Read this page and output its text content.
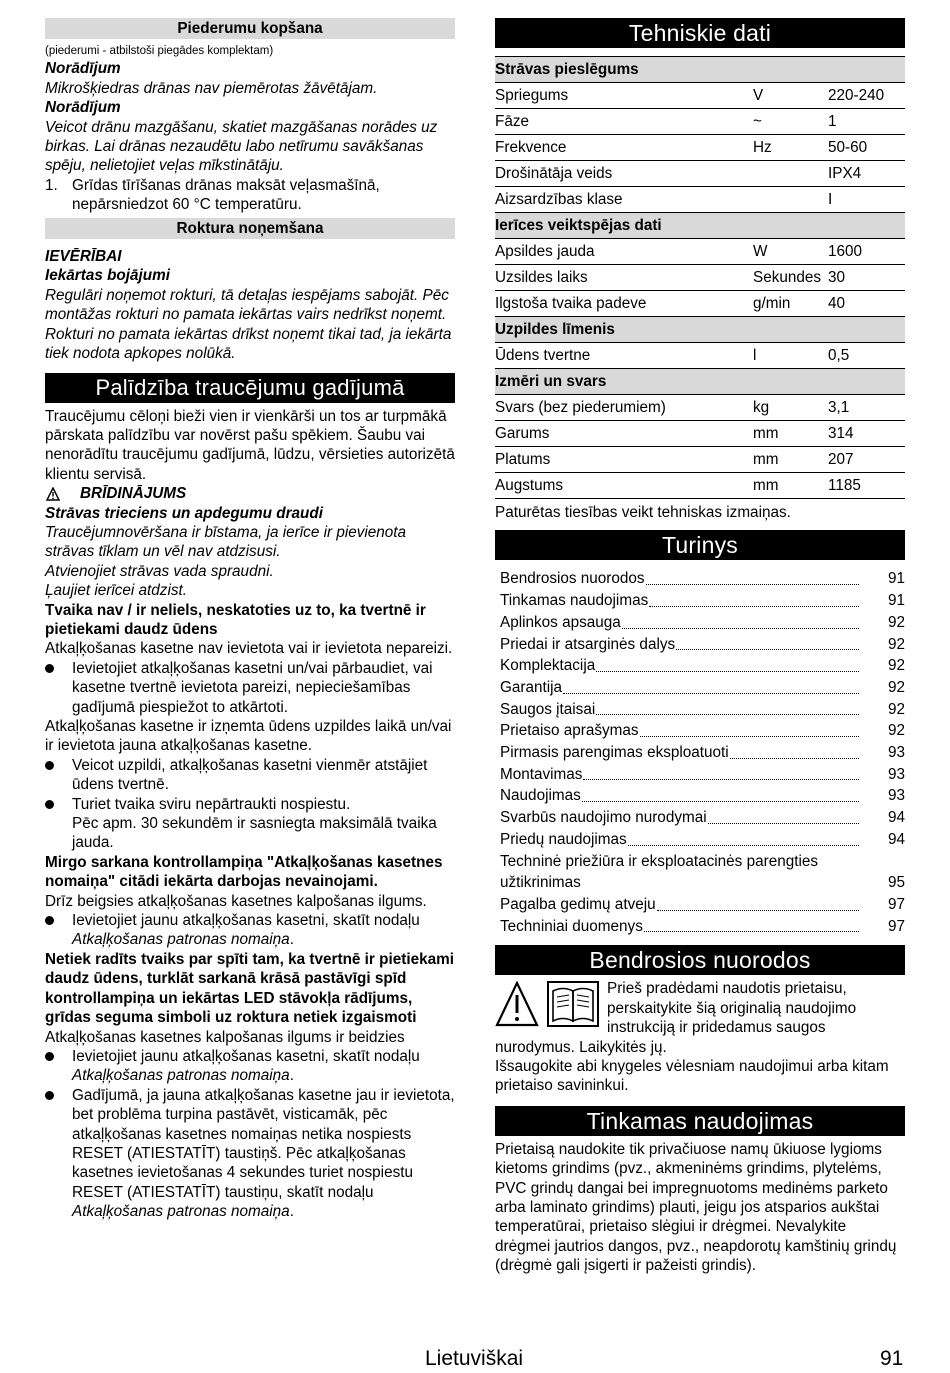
Piederumu kopšana

(piederumi - atbilstoši piegādes komplektam)

Norādījum

Mikrošķiedras drānas nav piemērotas žāvētājam.

Norādījum

Veicot drānu mazgāšanu, skatiet mazgāšanas norādes uz birkas. Lai drānas nezaudētu labo netīrumu savākšanas spēju, nelietojiet veļas mīkstinātāju.

1. Grīdas tīrīšanas drānas maksāt veļasmašīnā, nepārsniedzot 60 °C temperatūru.
Roktura noņemšana

IEVĒRĪBAI

Iekārtas bojājumi

Regulāri noņemot rokturi, tā detaļas iespējams sabojāt. Pēc montāžas rokturi no pamata iekārtas vairs nedrīkst noņemt.

Rokturi no pamata iekārtas drīkst noņemt tikai tad, ja iekārta tiek nodota apkopes nolūkā.

Palīdzība traucējumu gadījumā

Traucējumu cēloņi bieži vien ir vienkārši un tos ar turpmākā pārskata palīdzību var novērst pašu spēkiem. Šaubu vai nenorādītu traucējumu gadījumā, lūdzu, vērsieties autorizētā klientu servisā.

BRĪDINĀJUMS

Strāvas trieciens un apdegumu draudi

Traucējumnovēršana ir bīstama, ja ierīce ir pievienota strāvas tīklam un vēl nav atdzisusi.

Atvienojiet strāvas vada spraudni.

Ļaujiet ierīcei atdzist.

Tvaika nav / ir neliels, neskatoties uz to, ka tvertnē ir pietiekami daudz ūdens

Atkaļķošanas kasetne nav ievietota vai ir ievietota nepareizi.

Ievietojiet atkaļķošanas kasetni un/vai pārbaudiet, vai kasetne tvertnē ievietota pareizi, nepieciešamības gadījumā piespiežot to atkārtoti.

Atkaļķošanas kasetne ir izņemta ūdens uzpildes laikā un/vai ir ievietota jauna atkaļķošanas kasetne.

Veicot uzpildi, atkaļķošanas kasetni vienmēr atstājiet ūdens tvertnē.
Turiet tvaika sviru nepārtraukti nospiestu.

Pēc apm. 30 sekundēm ir sasniegta maksimālā tvaika jauda.

Mirgo sarkana kontrollampiņa "Atkaļķošanas kasetnes nomaiņa" citādi iekārta darbojas nevainojami.

Drīz beigsies atkaļķošanas kasetnes kalpošanas ilgums.

Ievietojiet jaunu atkaļķošanas kasetni, skatīt nodaļu Atkaļķošanas patronas nomaiņa.

Netiek radīts tvaiks par spīti tam, ka tvertnē ir pietiekami daudz ūdens, turklāt sarkanā krāsā pastāvīgi spīd kontrollampiņa un iekārtas LED stāvokļa rādījums, grīdas seguma simboli uz roktura netiek izgaismoti

Atkaļķošanas kasetnes kalpošanas ilgums ir beidzies

Ievietojiet jaunu atkaļķošanas kasetni, skatīt nodaļu Atkaļķošanas patronas nomaiņa.
Gadījumā, ja jauna atkaļķošanas kasetne jau ir ievietota, bet problēma turpina pastāvēt, visticamāk, pēc atkaļķošanas kasetnes nomaiņas netika nospiests RESET (ATIESTATĪT) taustiņš. Pēc atkaļķošanas kasetnes ievietošanas 4 sekundes turiet nospiestu RESET (ATIESTATĪT) taustiņu, skatīt nodaļu Atkaļķošanas patronas nomaiņa.
Tehniskie dati
Strāvas pieslēgums		
Spriegums	V	220-240
Fāze	~	1
Frekvence	Hz	50-60
Drošinātāja veids		IPX4
Aizsardzības klase		I
Ierīces veiktspējas dati		
Apsildes jauda	W	1600
Uzsildes laiks	Sekundes	30
Ilgstoša tvaika padeve	g/min	40
Uzpildes līmenis		
Ūdens tvertne	l	0,5
Izmēri un svars		
Svars (bez piederumiem)	kg	3,1
Garums	mm	314
Platums	mm	207
Augstums	mm	1185

Paturētas tiesības veikt tehniskas izmaiņas.

Turinys
Bendrosios nuorodos	91
Tinkamas naudojimas	91
Aplinkos apsauga	92
Priedai ir atsarginės dalys	92
Komplektacija	92
Garantija	92
Saugos įtaisai	92
Prietaiso aprašymas	92
Pirmasis parengimas eksploatuoti	93
Montavimas	93
Naudojimas	93
Svarbūs naudojimo nurodymai	94
Priedų naudojimas	94
Techninė priežiūra ir eksploatacinės parengties užtikrinimas	95
Pagalba gedimų atveju	97
Techniniai duomenys	97
Bendrosios nuorodos

Prieš pradėdami naudotis prietaisu, perskaitykite šią originalią naudojimo instrukciją ir pridedamus saugos nurodymus. Laikykitės jų.

Išsaugokite abi knygeles vėlesniam naudojimui arba kitam prietaiso savininkui.

Tinkamas naudojimas

Prietaisą naudokite tik privačiuose namų ūkiuose lygioms kietoms grindims (pvz., akmeninėms grindims, plytelėms, PVC grindų dangai bei impregnuotoms medinėms parketo arba laminato grindims) plauti, jeigu jos atsparios aukštai temperatūrai, prietaiso slėgiui ir drėgmei. Nevalykite drėgmei jautrios dangos, pvz., neapdorotų kamštinių grindų (drėgmė gali įsigerti ir pažeisti grindis).

Lietuviškai	91
